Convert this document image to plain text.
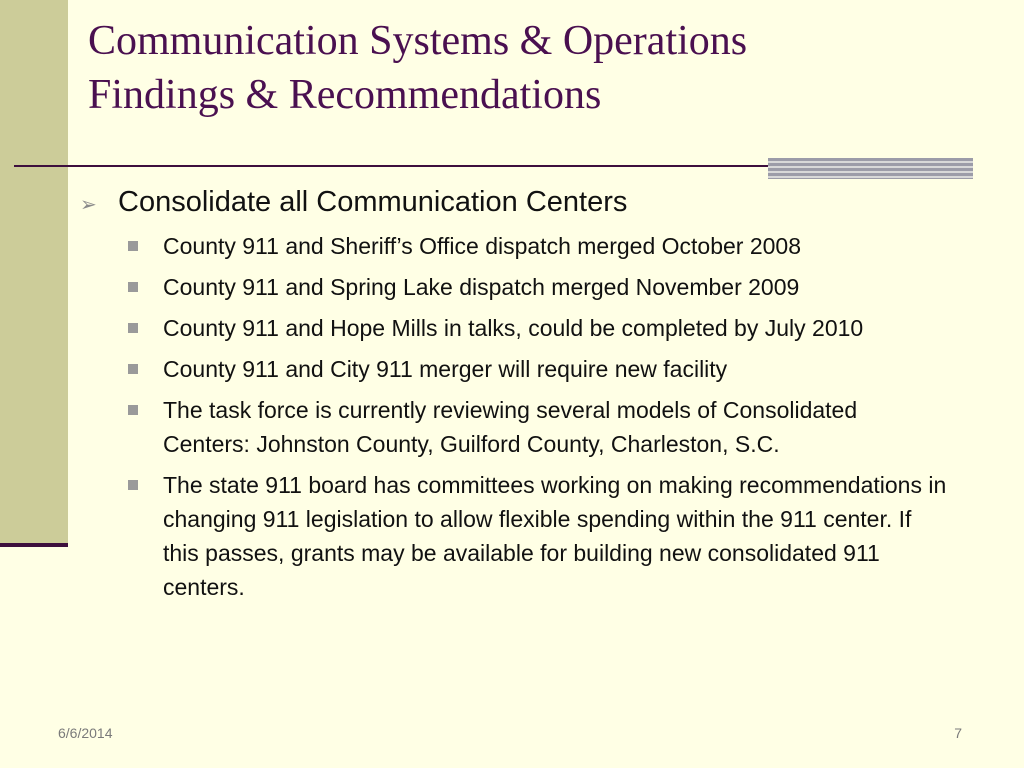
Communication Systems & Operations
Findings & Recommendations
➢ Consolidate all Communication Centers
County 911 and Sheriff’s Office dispatch merged October 2008
County 911 and Spring Lake dispatch merged November 2009
County 911 and Hope Mills in talks, could be completed by July 2010
County 911 and City 911 merger will require new facility
The task force is currently reviewing several models of Consolidated Centers: Johnston County, Guilford County, Charleston, S.C.
The state 911 board has committees working on making recommendations in changing 911 legislation to allow flexible spending within the 911 center. If this passes, grants may be available for building new consolidated 911 centers.
6/6/2014	7
